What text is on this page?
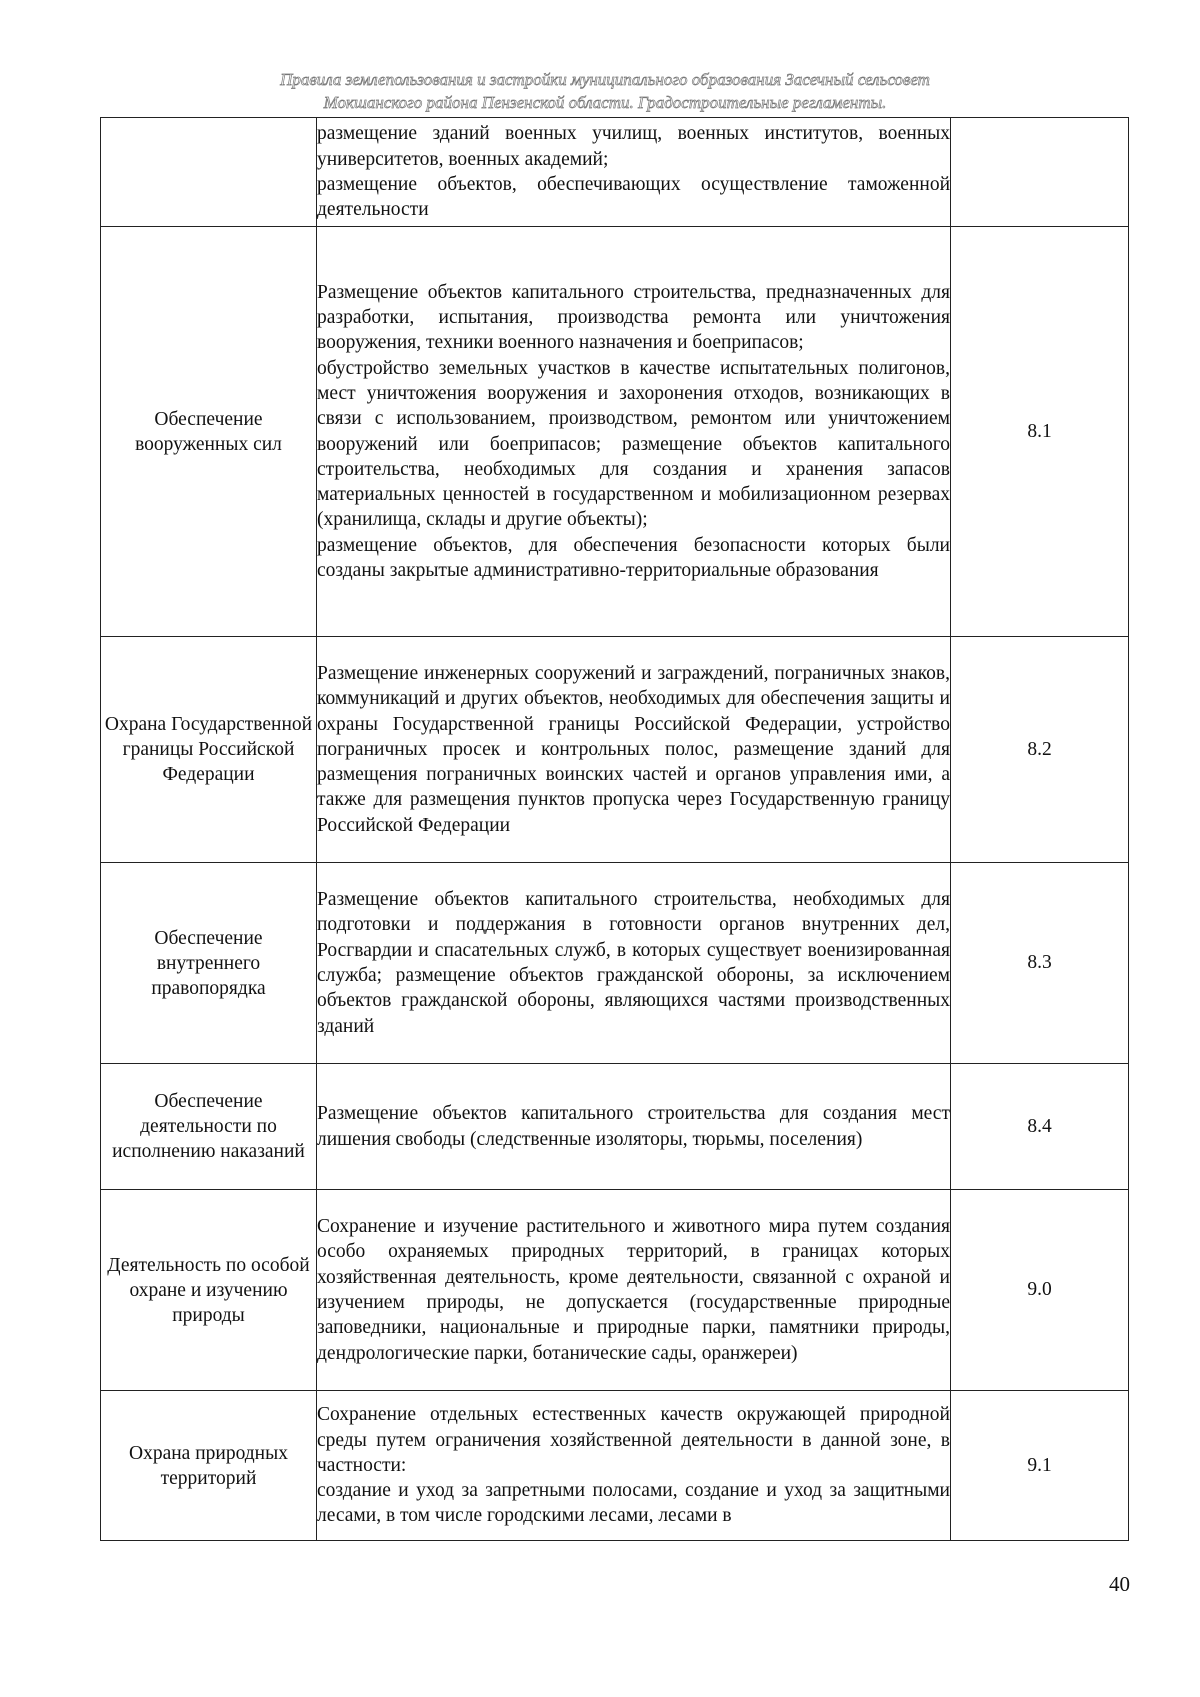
Правила землепользования и застройки муниципального образования Засечный сельсовет
Мокшанского района Пензенской области. Градостроительные регламенты.

	размещение зданий военных училищ, военных институтов, военных университетов, военных академий;

размещение объектов, обеспечивающих осуществление таможенной деятельности	

Обеспечение вооруженных сил	Размещение объектов капитального строительства, предназначенных для разработки, испытания, производства ремонта или уничтожения вооружения, техники военного назначения и боеприпасов;

обустройство земельных участков в качестве испытательных полигонов, мест уничтожения вооружения и захоронения отходов, возникающих в связи с использованием, производством, ремонтом или уничтожением вооружений или боеприпасов; размещение объектов капитального строительства, необходимых для создания и хранения запасов материальных ценностей в государственном и мобилизационном резервах (хранилища, склады и другие объекты);

размещение объектов, для обеспечения безопасности которых были созданы закрытые административно-территориальные образования	8.1
Охрана Государственной границы Российской Федерации	Размещение инженерных сооружений и заграждений, пограничных знаков, коммуникаций и других объектов, необходимых для обеспечения защиты и охраны Государственной границы Российской Федерации, устройство пограничных просек и контрольных полос, размещение зданий для размещения пограничных воинских частей и органов управления ими, а также для размещения пунктов пропуска через Государственную границу Российской Федерации	8.2
Обеспечение внутреннего правопорядка	Размещение объектов капитального строительства, необходимых для подготовки и поддержания в готовности органов внутренних дел, Росгвардии и спасательных служб, в которых существует военизированная служба; размещение объектов гражданской обороны, за исключением объектов гражданской обороны, являющихся частями производственных зданий	8.3
Обеспечение деятельности по исполнению наказаний	Размещение объектов капитального строительства для создания мест лишения свободы (следственные изоляторы, тюрьмы, поселения)	8.4
Деятельность по особой охране и изучению природы	Сохранение и изучение растительного и животного мира путем создания особо охраняемых природных территорий, в границах которых хозяйственная деятельность, кроме деятельности, связанной с охраной и изучением природы, не допускается (государственные природные заповедники, национальные и природные парки, памятники природы, дендрологические парки, ботанические сады, оранжереи)	9.0
Охрана природных территорий	Сохранение отдельных естественных качеств окружающей природной среды путем ограничения хозяйственной деятельности в данной зоне, в частности:

создание и уход за запретными полосами, создание и уход за защитными лесами, в том числе городскими лесами, лесами в	9.1
40
